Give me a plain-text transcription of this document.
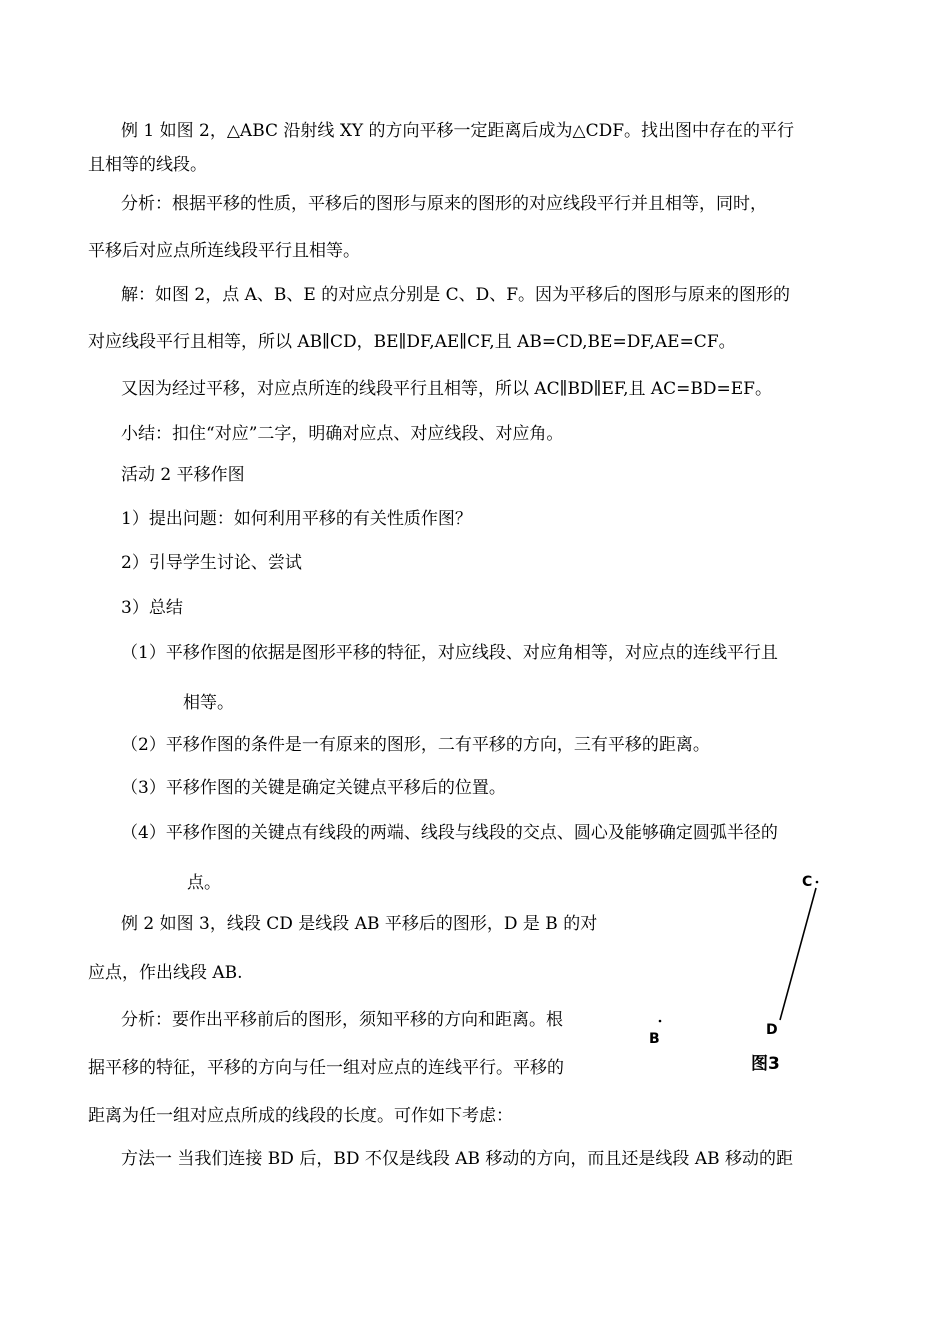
例 1 如图 2，△ABC 沿射线 XY 的方向平移一定距离后成为△CDF。找出图中存在的平行
且相等的线段。
分析：根据平移的性质，平移后的图形与原来的图形的对应线段平行并且相等，同时，
平移后对应点所连线段平行且相等。
解：如图 2，点 A、B、E 的对应点分别是 C、D、F。因为平移后的图形与原来的图形的
对应线段平行且相等，所以 AB∥CD，BE∥DF,AE∥CF,且 AB=CD,BE=DF,AE=CF。
又因为经过平移，对应点所连的线段平行且相等，所以 AC∥BD∥EF,且 AC=BD=EF。
小结：扣住“对应”二字，明确对应点、对应线段、对应角。
活动 2 平移作图
1）提出问题：如何利用平移的有关性质作图？
2）引导学生讨论、尝试
3）总结
（1）平移作图的依据是图形平移的特征，对应线段、对应角相等，对应点的连线平行且
相等。
（2）平移作图的条件是一有原来的图形，二有平移的方向，三有平移的距离。
（3）平移作图的关键是确定关键点平移后的位置。
（4）平移作图的关键点有线段的两端、线段与线段的交点、圆心及能够确定圆弧半径的
点。
例 2 如图 3，线段 CD 是线段 AB 平移后的图形，D 是 B 的对
应点，作出线段 AB.
分析：要作出平移前后的图形，须知平移的方向和距离。根
据平移的特征，平移的方向与任一组对应点的连线平行。平移的
距离为任一组对应点所成的线段的长度。可作如下考虑：
方法一 当我们连接 BD 后，BD 不仅是线段 AB 移动的方向，而且还是线段 AB 移动的距
C
D
B
图3
